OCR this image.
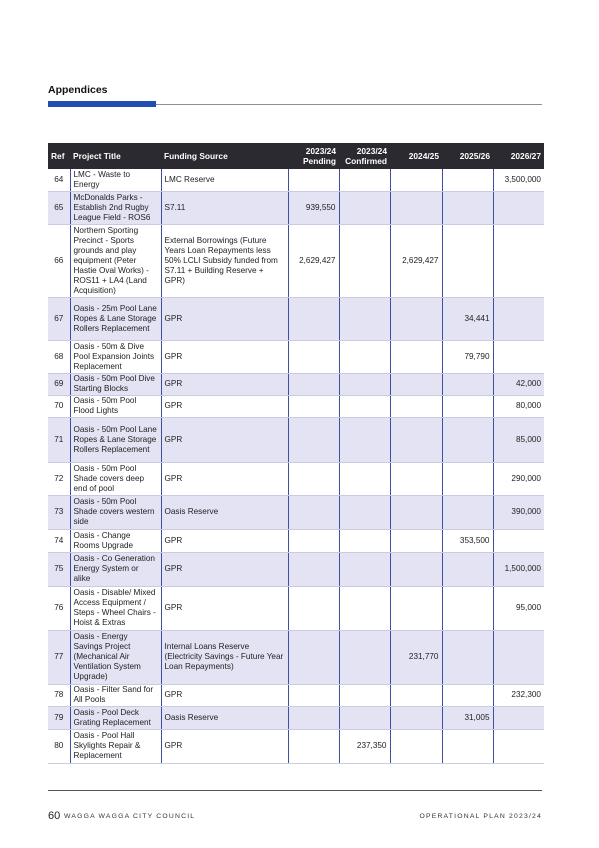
Appendices
Ref	Project Title	Funding Source	2023/24 Pending	2023/24 Confirmed	2024/25	2025/26	2026/27
64	LMC - Waste to Energy	LMC Reserve					3,500,000
65	McDonalds Parks - Establish 2nd Rugby League Field - ROS6	S7.11	939,550				
66	Northern Sporting Precinct - Sports grounds and play equipment (Peter Hastie Oval Works) - ROS11 + LA4 (Land Acquisition)	External Borrowings (Future Years Loan Repayments less 50% LCLI Subsidy funded from S7.11 + Building Reserve + GPR)	2,629,427		2,629,427		
67	Oasis - 25m Pool Lane Ropes & Lane Storage Rollers Replacement	GPR				34,441	
68	Oasis - 50m & Dive Pool Expansion Joints Replacement	GPR				79,790	
69	Oasis - 50m Pool Dive Starting Blocks	GPR					42,000
70	Oasis - 50m Pool Flood Lights	GPR					80,000
71	Oasis - 50m Pool Lane Ropes & Lane Storage Rollers Replacement	GPR					85,000
72	Oasis - 50m Pool Shade covers deep end of pool	GPR					290,000
73	Oasis - 50m Pool Shade covers western side	Oasis Reserve					390,000
74	Oasis - Change Rooms Upgrade	GPR				353,500	
75	Oasis - Co Generation Energy System or alike	GPR					1,500,000
76	Oasis - Disable/ Mixed Access Equipment / Steps - Wheel Chairs - Hoist & Extras	GPR					95,000
77	Oasis - Energy Savings Project (Mechanical Air Ventilation System Upgrade)	Internal Loans Reserve (Electricity Savings - Future Year Loan Repayments)			231,770		
78	Oasis - Filter Sand for All Pools	GPR					232,300
79	Oasis - Pool Deck Grating Replacement	Oasis Reserve				31,005	
80	Oasis - Pool Hall Skylights Repair & Replacement	GPR		237,350			
60 WAGGA WAGGA CITY COUNCIL	OPERATIONAL PLAN 2023/24
